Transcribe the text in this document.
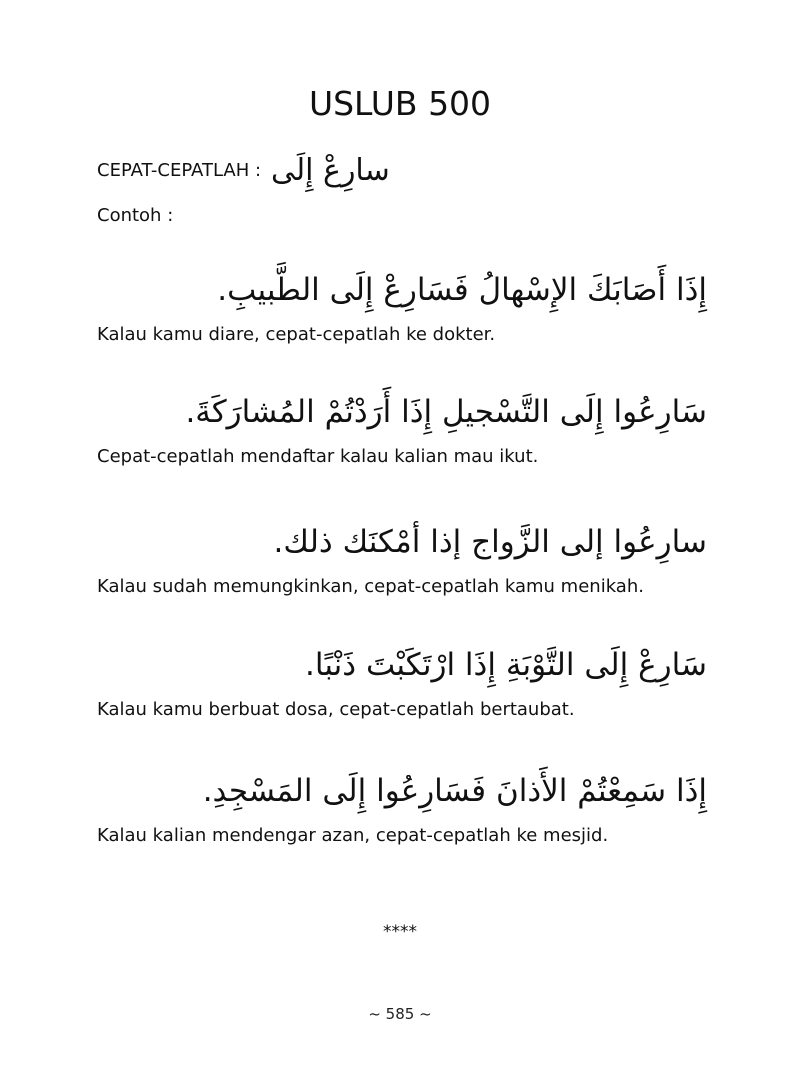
USLUB 500
CEPAT-CEPATLAH : سارِعْ إِلَى
Contoh :
إِذَا أَصَابَكَ الإِسْهالُ فَسَارِعْ إِلَى الطَّبيبِ.
Kalau kamu diare, cepat-cepatlah ke dokter.
سَارِعُوا إِلَى التَّسْجيلِ إِذَا أَرَدْتُمْ المُشارَكَةَ.
Cepat-cepatlah mendaftar kalau kalian mau ikut.
سارِعُوا إلى الزَّواج إذا أمْكنَك ذلك.
Kalau sudah memungkinkan, cepat-cepatlah kamu menikah.
سَارِعْ إِلَى التَّوْبَةِ إِذَا ارْتَكَبْتَ ذَنْبًا.
Kalau kamu berbuat dosa, cepat-cepatlah bertaubat.
إِذَا سَمِعْتُمْ الأَذانَ فَسَارِعُوا إِلَى المَسْجِدِ.
Kalau kalian mendengar azan, cepat-cepatlah ke mesjid.
****
~ 585 ~
